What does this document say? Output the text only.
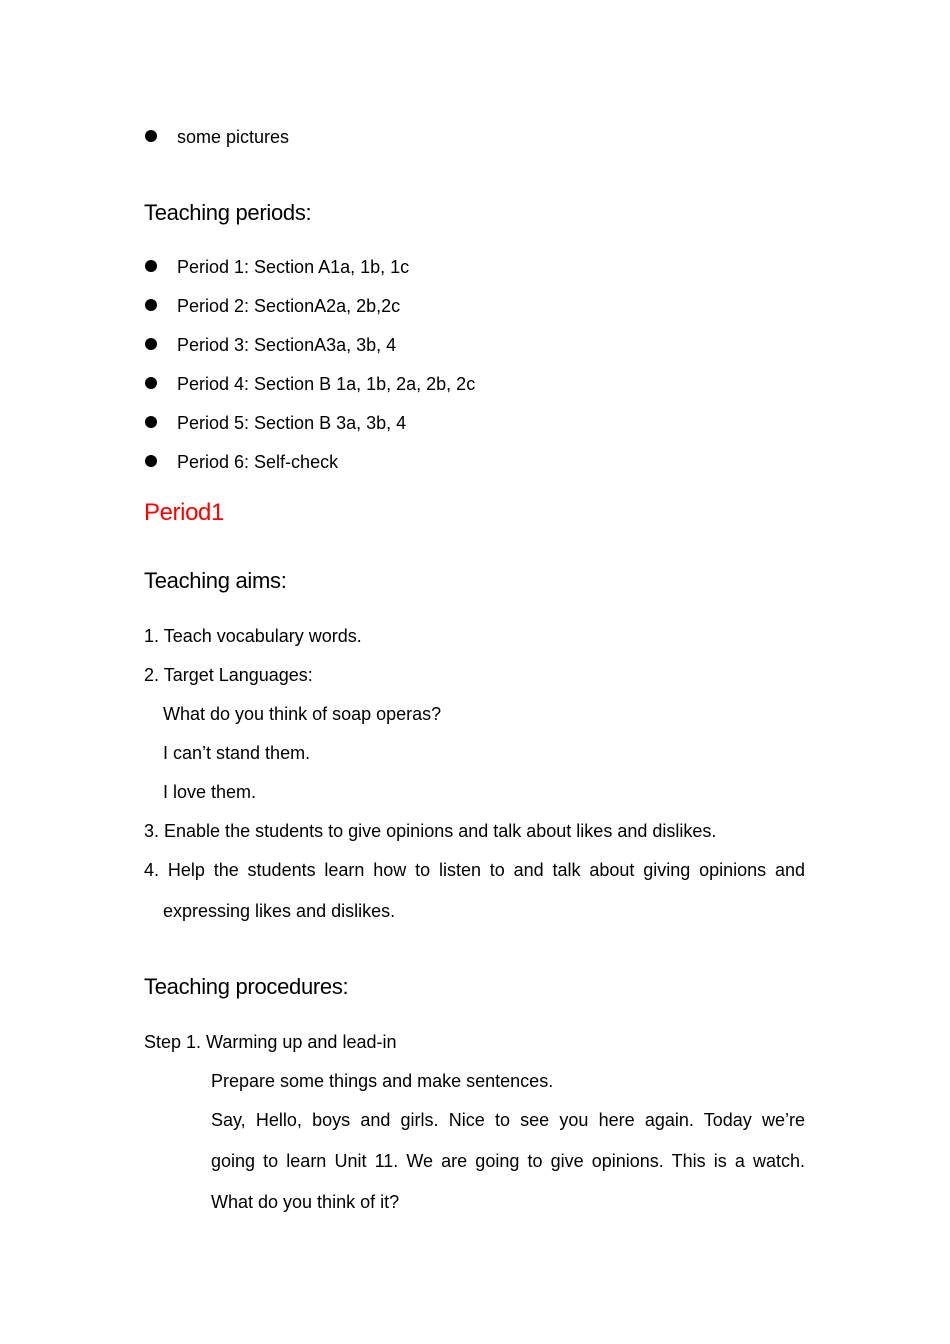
some pictures
Teaching periods:
Period 1: Section A1a, 1b, 1c
Period 2: SectionA2a, 2b,2c
Period 3: SectionA3a, 3b, 4
Period 4: Section B 1a, 1b, 2a, 2b, 2c
Period 5: Section B 3a, 3b, 4
Period 6: Self-check
Period1
Teaching aims:
1. Teach vocabulary words.
2. Target Languages:
What do you think of soap operas?
I can’t stand them.
I love them.
3. Enable the students to give opinions and talk about likes and dislikes.
4. Help the students learn how to listen to and talk about giving opinions and
expressing likes and dislikes.
Teaching procedures:
Step 1. Warming up and lead-in
Prepare some things and make sentences.
Say, Hello, boys and girls. Nice to see you here again. Today we’re
going to learn Unit 11. We are going to give opinions. This is a watch.
What do you think of it?
